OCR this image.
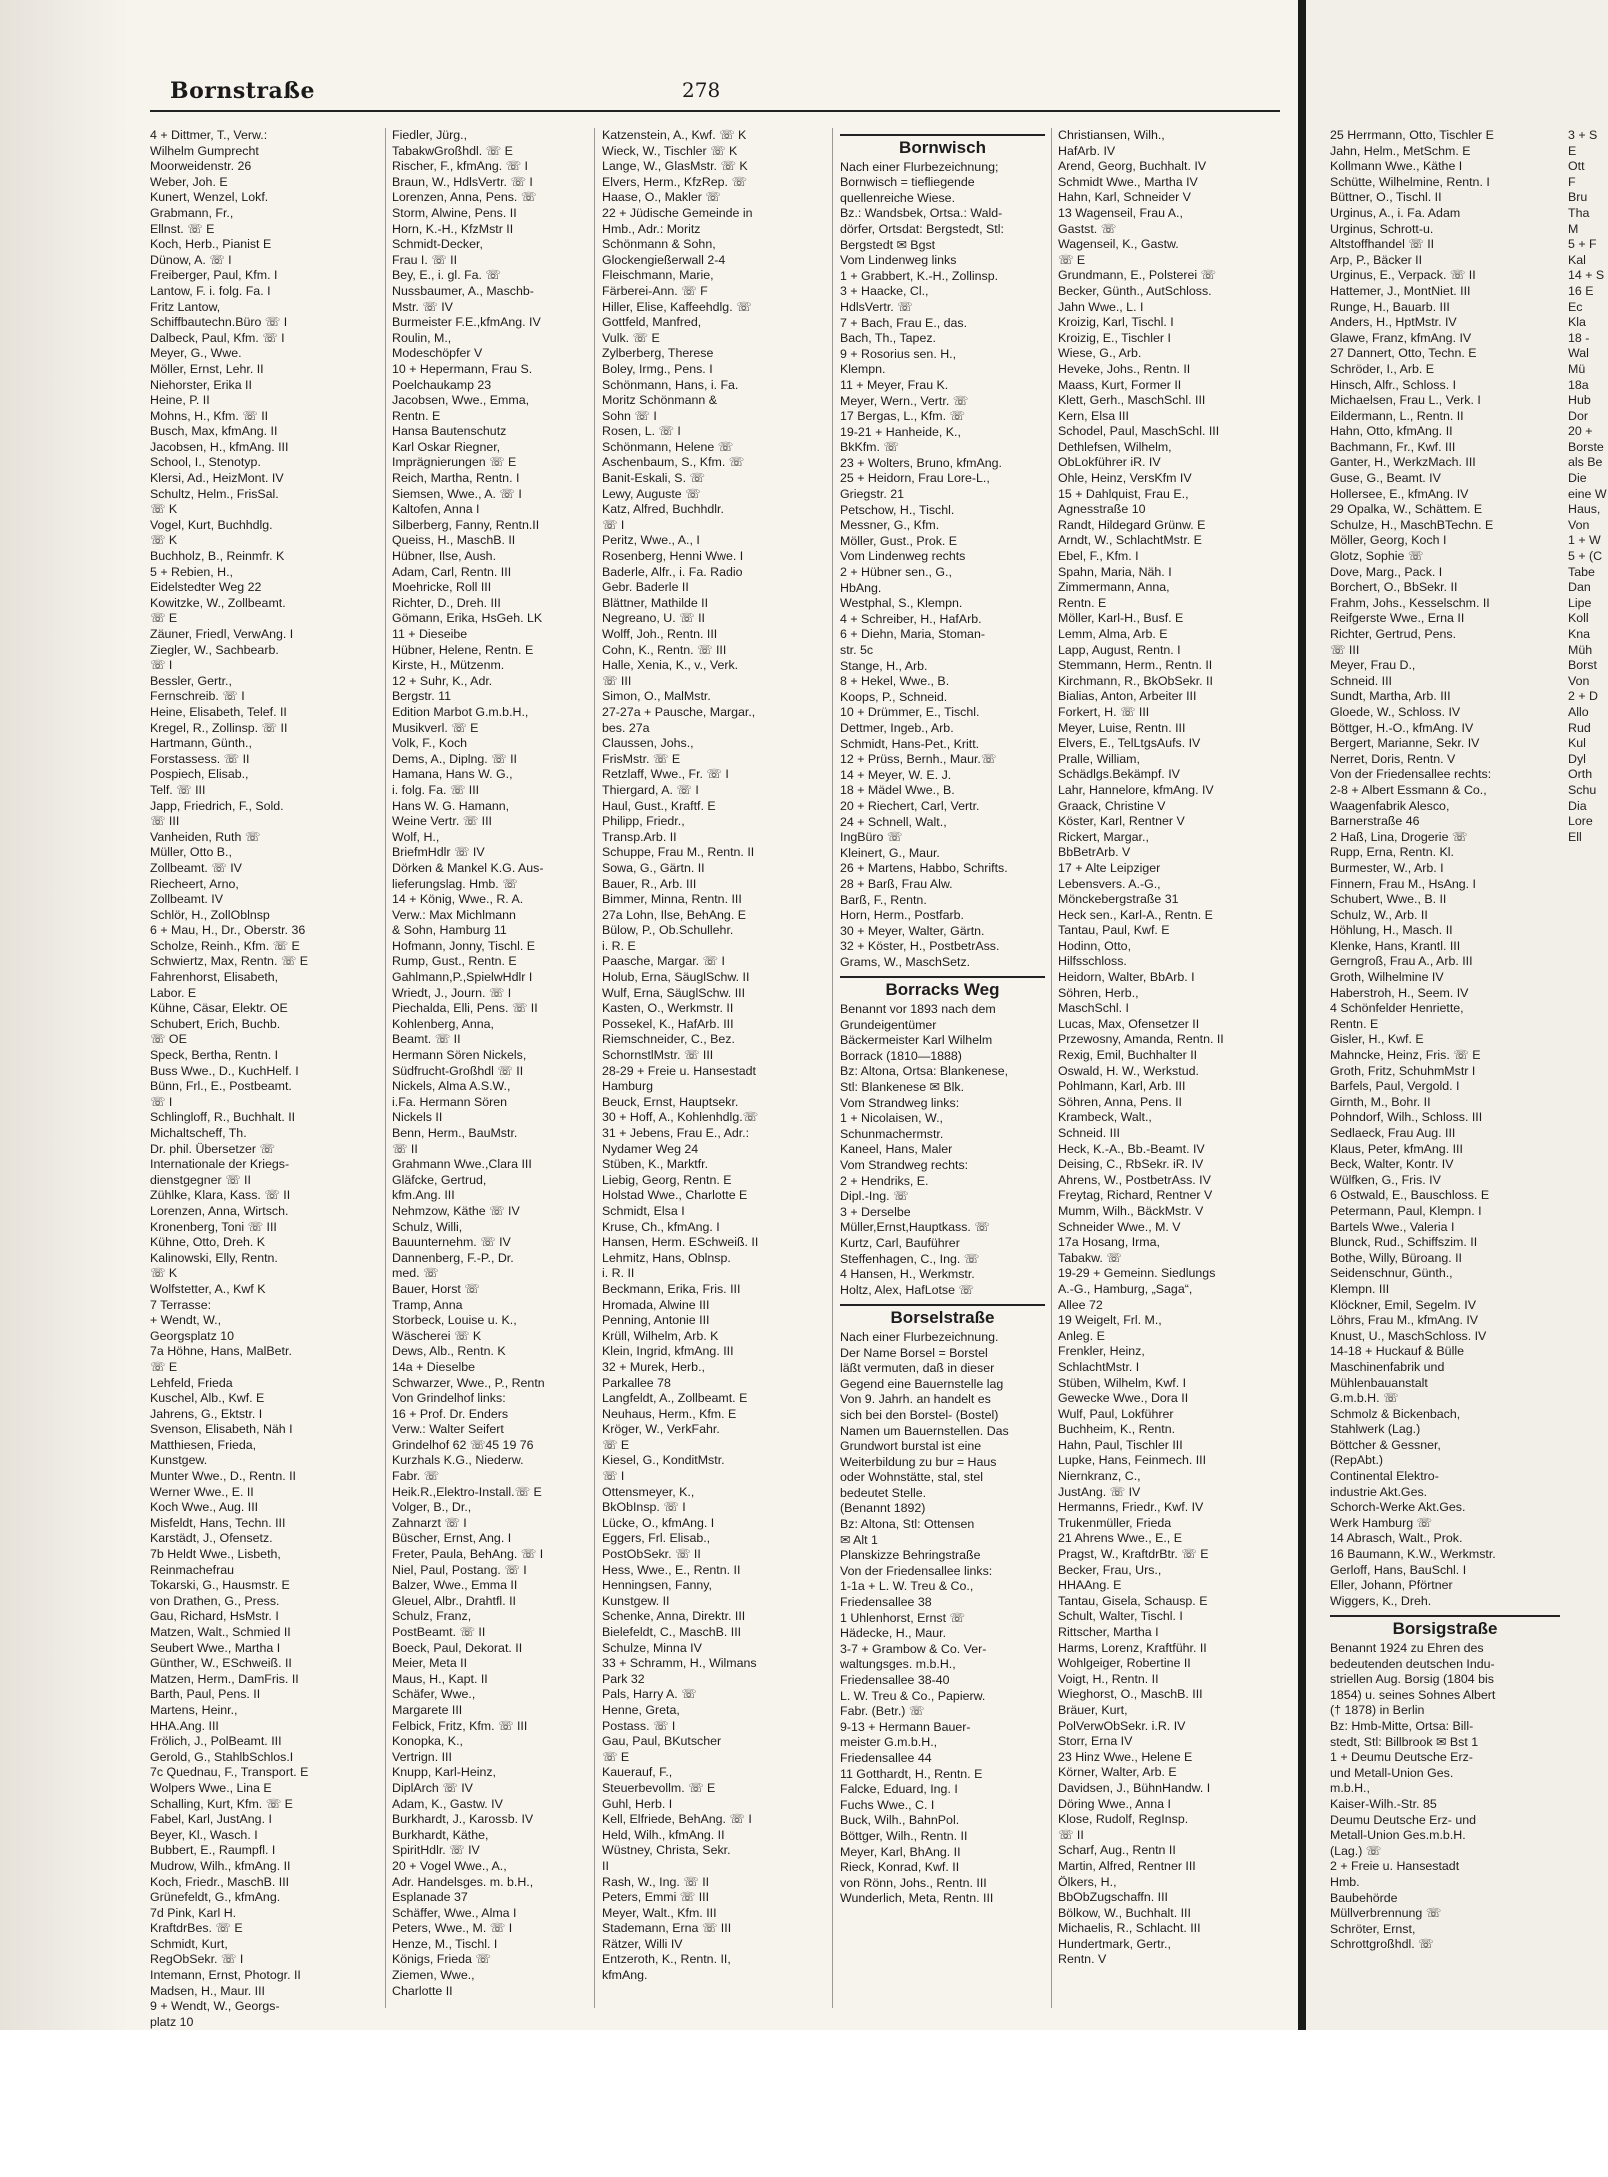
Bornstraße	278
4 + Dittmer, T., Verw.:
Wilhelm Gumprecht
Moorweidenstr. 26
Weber, Joh. E
Kunert, Wenzel, Lokf.
Grabmann, Fr.,
Ellnst. ☏ E
Koch, Herb., Pianist E
Dünow, A. ☏ I
Freiberger, Paul, Kfm. I
Lantow, F. i. folg. Fa. I
Fritz Lantow,
Schiffbautechn.Büro ☏ I
Dalbeck, Paul, Kfm. ☏ I
Meyer, G., Wwe.
Möller, Ernst, Lehr. II
Niehorster, Erika II
Heine, P. II
Mohns, H., Kfm. ☏ II
Busch, Max, kfmAng. II
Jacobsen, H., kfmAng. III
School, I., Stenotyp.
Klersi, Ad., HeizMont. IV
Schultz, Helm., FrisSal.
☏ K
Vogel, Kurt, Buchhdlg.
☏ K
Buchholz, B., Reinmfr. K
5 + Rebien, H.,
Eidelstedter Weg 22
Kowitzke, W., Zollbeamt.
☏ E
Zäuner, Friedl, VerwAng. I
Ziegler, W., Sachbearb.
☏ I
Bessler, Gertr.,
Fernschreib. ☏ I
Heine, Elisabeth, Telef. II
Kregel, R., Zollinsp. ☏ II
Hartmann, Günth.,
Forstassess. ☏ II
Pospiech, Elisab.,
Telf. ☏ III
Japp, Friedrich, F., Sold.
☏ III
Vanheiden, Ruth ☏
Müller, Otto B.,
Zollbeamt. ☏ IV
Riecheert, Arno,
Zollbeamt. IV
Schlör, H., ZollOblnsp
6 + Mau, H., Dr., Oberstr. 36
Scholze, Reinh., Kfm. ☏ E
Schwiertz, Max, Rentn. ☏ E
Fahrenhorst, Elisabeth,
Labor. E
Kühne, Cäsar, Elektr. OE
Schubert, Erich, Buchb.
☏ OE
Speck, Bertha, Rentn. I
Buss Wwe., D., KuchHelf. I
Bünn, Frl., E., Postbeamt.
☏ I
Schlingloff, R., Buchhalt. II
Michaltscheff, Th.
Dr. phil. Übersetzer ☏
Internationale der Kriegs-
dienstgegner ☏ II
Zühlke, Klara, Kass. ☏ II
Lorenzen, Anna, Wirtsch.
Kronenberg, Toni ☏ III
Kühne, Otto, Dreh. K
Kalinowski, Elly, Rentn.
☏ K
Wolfstetter, A., Kwf K
7 Terrasse:
+ Wendt, W.,
Georgsplatz 10
7a Höhne, Hans, MalBetr.
☏ E
Lehfeld, Frieda
Kuschel, Alb., Kwf. E
Jahrens, G., Ektstr. I
Svenson, Elisabeth, Näh I
Matthiesen, Frieda,
Kunstgew.
Munter Wwe., D., Rentn. II
Werner Wwe., E. II
Koch Wwe., Aug. III
Misfeldt, Hans, Techn. III
Karstädt, J., Ofensetz.
7b Heldt Wwe., Lisbeth,
Reinmachefrau
Tokarski, G., Hausmstr. E
von Drathen, G., Press.
Gau, Richard, HsMstr. I
Matzen, Walt., Schmied II
Seubert Wwe., Martha I
Günther, W., ESchweiß. II
Matzen, Herm., DamFris. II
Barth, Paul, Pens. II
Martens, Heinr.,
HHA.Ang. III
Frölich, J., PolBeamt. III
Gerold, G., StahlbSchlos.I
7c Quednau, F., Transport. E
Wolpers Wwe., Lina E
Schalling, Kurt, Kfm. ☏ E
Fabel, Karl, JustAng. I
Beyer, Kl., Wasch. I
Bubbert, E., Raumpfl. I
Mudrow, Wilh., kfmAng. II
Koch, Friedr., MaschB. III
Grünefeldt, G., kfmAng.
7d Pink, Karl H.
KraftdrBes. ☏ E
Schmidt, Kurt,
RegObSekr. ☏ I
Intemann, Ernst, Photogr. II
Madsen, H., Maur. III
9 + Wendt, W., Georgs-
platz 10
Fiedler, Jürg.,
TabakwGroßhdl. ☏ E
Rischer, F., kfmAng. ☏ I
Braun, W., HdlsVertr. ☏ I
Lorenzen, Anna, Pens. ☏
Storm, Alwine, Pens. II
Horn, K.-H., KfzMstr II
Schmidt-Decker,
Frau I. ☏ II
Bey, E., i. gl. Fa. ☏
Nussbaumer, A., Maschb-
Mstr. ☏ IV
Burmeister F.E.,kfmAng. IV
Roulin, M.,
Modeschöpfer V
10 + Hepermann, Frau S.
Poelchaukamp 23
Jacobsen, Wwe., Emma,
Rentn. E
Hansa Bautenschutz
Karl Oskar Riegner,
Imprägnierungen ☏ E
Reich, Martha, Rentn. I
Siemsen, Wwe., A. ☏ I
Kaltofen, Anna I
Silberberg, Fanny, Rentn.II
Queiss, H., MaschB. II
Hübner, Ilse, Aush.
Adam, Carl, Rentn. III
Moehricke, Roll III
Richter, D., Dreh. III
Gömann, Erika, HsGeh. LK
11 + Dieseibe
Hübner, Helene, Rentn. E
Kirste, H., Mützenm.
12 + Suhr, K., Adr.
Bergstr. 11
Edition Marbot G.m.b.H.,
Musikverl. ☏ E
Volk, F., Koch
Dems, A., Diplng. ☏ II
Hamana, Hans W. G.,
i. folg. Fa. ☏ III
Hans W. G. Hamann,
Weine Vertr. ☏ III
Wolf, H.,
BriefmHdlr ☏ IV
Dörken & Mankel K.G. Aus-
lieferungslag. Hmb. ☏
14 + König, Wwe., R. A.
Verw.: Max Michlmann
& Sohn, Hamburg 11
Hofmann, Jonny, Tischl. E
Rump, Gust., Rentn. E
Gahlmann,P.,SpielwHdlr I
Wriedt, J., Journ. ☏ I
Piechalda, Elli, Pens. ☏ II
Kohlenberg, Anna,
Beamt. ☏ II
Hermann Sören Nickels,
Südfrucht-Großhdl ☏ II
Nickels, Alma A.S.W.,
i.Fa. Hermann Sören
Nickels II
Benn, Herm., BauMstr.
☏ II
Grahmann Wwe.,Clara III
Gläfcke, Gertrud,
kfm.Ang. III
Nehmzow, Käthe ☏ IV
Schulz, Willi,
Bauunternehm. ☏ IV
Dannenberg, F.-P., Dr.
med. ☏
Bauer, Horst ☏
Tramp, Anna
Storbeck, Louise u. K.,
Wäscherei ☏ K
Dews, Alb., Rentn. K
14a + Dieselbe
Schwarzer, Wwe., P., Rentn
Von Grindelhof links:
16 + Prof. Dr. Enders
Verw.: Walter Seifert
Grindelhof 62 ☏45 19 76
Kurzhals K.G., Niederw.
Fabr. ☏
Heik.R.,Elektro-Install.☏ E
Volger, B., Dr.,
Zahnarzt ☏ I
Büscher, Ernst, Ang. I
Freter, Paula, BehAng. ☏ I
Niel, Paul, Postang. ☏ I
Balzer, Wwe., Emma II
Gleuel, Albr., Drahtfl. II
Schulz, Franz,
PostBeamt. ☏ II
Boeck, Paul, Dekorat. II
Meier, Meta II
Maus, H., Kapt. II
Schäfer, Wwe.,
Margarete III
Felbick, Fritz, Kfm. ☏ III
Konopka, K.,
Vertrign. III
Knupp, Karl-Heinz,
DiplArch ☏ IV
Adam, K., Gastw. IV
Burkhardt, J., Karossb. IV
Burkhardt, Käthe,
SpiritHdlr. ☏ IV
20 + Vogel Wwe., A.,
Adr. Handelsges. m. b.H.,
Esplanade 37
Schäffer, Wwe., Alma I
Peters, Wwe., M. ☏ I
Henze, M., Tischl. I
Königs, Frieda ☏
Ziemen, Wwe.,
Charlotte II
Katzenstein, A., Kwf. ☏ K
Wieck, W., Tischler ☏ K
Lange, W., GlasMstr. ☏ K
Elvers, Herm., KfzRep. ☏
Haase, O., Makler ☏
22 + Jüdische Gemeinde in
Hmb., Adr.: Moritz
Schönmann & Sohn,
Glockengießerwall 2-4
Fleischmann, Marie,
Färberei-Ann. ☏ F
Hiller, Elise, Kaffeehdlg. ☏
Gottfeld, Manfred,
Vulk. ☏ E
Zylberberg, Therese
Boley, Irmg., Pens. I
Schönmann, Hans, i. Fa.
Moritz Schönmann &
Sohn ☏ I
Rosen, L. ☏ I
Schönmann, Helene ☏
Aschenbaum, S., Kfm. ☏
Banit-Eskali, S. ☏
Lewy, Auguste ☏
Katz, Alfred, Buchhdlr.
☏ I
Peritz, Wwe., A., I
Rosenberg, Henni Wwe. I
Baderle, Alfr., i. Fa. Radio
Gebr. Baderle II
Blättner, Mathilde II
Negreano, U. ☏ II
Wolff, Joh., Rentn. III
Cohn, K., Rentn. ☏ III
Halle, Xenia, K., v., Verk.
☏ III
Simon, O., MalMstr.
27-27a + Pausche, Margar.,
bes. 27a
Claussen, Johs.,
FrisMstr. ☏ E
Retzlaff, Wwe., Fr. ☏ I
Thiergard, A. ☏ I
Haul, Gust., Kraftf. E
Philipp, Friedr.,
Transp.Arb. II
Schuppe, Frau M., Rentn. II
Sowa, G., Gärtn. II
Bauer, R., Arb. III
Bimmer, Minna, Rentn. III
27a Lohn, Ilse, BehAng. E
Bülow, P., Ob.Schullehr.
i. R. E
Paasche, Margar. ☏ I
Holub, Erna, SäuglSchw. II
Wulf, Erna, SäuglSchw. III
Kasten, O., Werkmstr. II
Possekel, K., HafArb. III
Riemschneider, C., Bez.
SchornstlMstr. ☏ III
28-29 + Freie u. Hansestadt
Hamburg
Beuck, Ernst, Hauptsekr.
30 + Hoff, A., Kohlenhdlg.☏
31 + Jebens, Frau E., Adr.:
Nydamer Weg 24
Stüben, K., Marktfr.
Liebig, Georg, Rentn. E
Holstad Wwe., Charlotte E
Schmidt, Elsa I
Kruse, Ch., kfmAng. I
Hansen, Herm. ESchweiß. II
Lehmitz, Hans, Oblnsp.
i. R. II
Beckmann, Erika, Fris. III
Hromada, Alwine III
Penning, Antonie III
Krüll, Wilhelm, Arb. K
Klein, Ingrid, kfmAng. III
32 + Murek, Herb.,
Parkallee 78
Langfeldt, A., Zollbeamt. E
Neuhaus, Herm., Kfm. E
Kröger, W., VerkFahr.
☏ E
Kiesel, G., KonditMstr.
☏ I
Ottensmeyer, K.,
BkObInsp. ☏ I
Lücke, O., kfmAng. I
Eggers, Frl. Elisab.,
PostObSekr. ☏ II
Hess, Wwe., E., Rentn. II
Henningsen, Fanny,
Kunstgew. II
Schenke, Anna, Direktr. III
Bielefeldt, C., MaschB. III
Schulze, Minna IV
33 + Schramm, H., Wilmans
Park 32
Pals, Harry A. ☏
Henne, Greta,
Postass. ☏ I
Gau, Paul, BKutscher
☏ E
Kauerauf, F.,
Steuerbevollm. ☏ E
Guhl, Herb. I
Kell, Elfriede, BehAng. ☏ I
Held, Wilh., kfmAng. II
Wüstney, Christa, Sekr.
II
Rash, W., Ing. ☏ II
Peters, Emmi ☏ III
Meyer, Walt., Kfm. III
Stademann, Erna ☏ III
Rätzer, Willi IV
Entzeroth, K., Rentn. II,
kfmAng.
Bornwisch
Nach einer Flurbezeichnung;
Bornwisch = tiefliegende
quellenreiche Wiese.
Bz.: Wandsbek, Ortsa.: Wald-
dörfer, Ortsdat: Bergstedt, Stl:
Bergstedt ✉ Bgst
Vom Lindenweg links
1 + Grabbert, K.-H., Zollinsp.
3 + Haacke, Cl.,
HdlsVertr. ☏
7 + Bach, Frau E., das.
Bach, Th., Tapez.
9 + Rosorius sen. H.,
Klempn.
11 + Meyer, Frau K.
Meyer, Wern., Vertr. ☏
17 Bergas, L., Kfm. ☏
19-21 + Hanheide, K.,
BkKfm. ☏
23 + Wolters, Bruno, kfmAng.
25 + Heidorn, Frau Lore-L.,
Griegstr. 21
Petschow, H., Tischl.
Messner, G., Kfm.
Möller, Gust., Prok. E
Vom Lindenweg rechts
2 + Hübner sen., G.,
HbAng.
Westphal, S., Klempn.
4 + Schreiber, H., HafArb.
6 + Diehn, Maria, Stoman-
str. 5c
Stange, H., Arb.
8 + Hekel, Wwe., B.
Koops, P., Schneid.
10 + Drümmer, E., Tischl.
Dettmer, Ingeb., Arb.
Schmidt, Hans-Pet., Kritt.
12 + Prüss, Bernh., Maur.☏
14 + Meyer, W. E. J.
18 + Mädel Wwe., B.
20 + Riechert, Carl, Vertr.
24 + Schnell, Walt.,
IngBüro ☏
Kleinert, G., Maur.
26 + Martens, Habbo, Schrifts.
28 + Barß, Frau Alw.
Barß, F., Rentn.
Horn, Herm., Postfarb.
30 + Meyer, Walter, Gärtn.
32 + Köster, H., PostbetrAss.
Grams, W., MaschSetz.
Borracks Weg
Benannt vor 1893 nach dem
Grundeigentümer
Bäckermeister Karl Wilhelm
Borrack (1810—1888)
Bz: Altona, Ortsa: Blankenese,
Stl: Blankenese ✉ Blk.
Vom Strandweg links:
1 + Nicolaisen, W.,
Schunmachermstr.
Kaneel, Hans, Maler
Vom Strandweg rechts:
2 + Hendriks, E.
Dipl.-Ing. ☏
3 + Derselbe
Müller,Ernst,Hauptkass. ☏
Kurtz, Carl, Bauführer
Steffenhagen, C., Ing. ☏
4 Hansen, H., Werkmstr.
Holtz, Alex, HafLotse ☏
Borselstraße
Nach einer Flurbezeichnung.
Der Name Borsel = Borstel
läßt vermuten, daß in dieser
Gegend eine Bauernstelle lag
Von 9. Jahrh. an handelt es
sich bei den Borstel- (Bostel)
Namen um Bauernstellen. Das
Grundwort burstal ist eine
Weiterbildung zu bur = Haus
oder Wohnstätte, stal, stel
bedeutet Stelle.
(Benannt 1892)
Bz: Altona, Stl: Ottensen
✉ Alt 1
Planskizze Behringstraße
Von der Friedensallee links:
1-1a + L. W. Treu & Co.,
Friedensallee 38
1 Uhlenhorst, Ernst ☏
Hädecke, H., Maur.
3-7 + Grambow & Co. Ver-
waltungsges. m.b.H.,
Friedensallee 38-40
L. W. Treu & Co., Papierw.
Fabr. (Betr.) ☏
9-13 + Hermann Bauer-
meister G.m.b.H.,
Friedensallee 44
11 Gotthardt, H., Rentn. E
Falcke, Eduard, Ing. I
Fuchs Wwe., C. I
Buck, Wilh., BahnPol.
Böttger, Wilh., Rentn. II
Meyer, Karl, BhAng. II
Rieck, Konrad, Kwf. II
von Rönn, Johs., Rentn. III
Wunderlich, Meta, Rentn. III
Christiansen, Wilh.,
HafArb. IV
Arend, Georg, Buchhalt. IV
Schmidt Wwe., Martha IV
Hahn, Karl, Schneider V
13 Wagenseil, Frau A.,
Gastst. ☏
Wagenseil, K., Gastw.
☏ E
Grundmann, E., Polsterei ☏
Becker, Günth., AutSchloss.
Jahn Wwe., L. I
Kroizig, Karl, Tischl. I
Kroizig, E., Tischler I
Wiese, G., Arb.
Heveke, Johs., Rentn. II
Maass, Kurt, Former II
Klett, Gerh., MaschSchl. III
Kern, Elsa III
Schodel, Paul, MaschSchl. III
Dethlefsen, Wilhelm,
ObLokführer iR. IV
Ohle, Heinz, VersKfm IV
15 + Dahlquist, Frau E.,
Agnesstraße 10
Randt, Hildegard Grünw. E
Arndt, W., SchlachtMstr. E
Ebel, F., Kfm. I
Spahn, Maria, Näh. I
Zimmermann, Anna,
Rentn. E
Möller, Karl-H., Busf. E
Lemm, Alma, Arb. E
Lapp, August, Rentn. I
Stemmann, Herm., Rentn. II
Kirchmann, R., BkObSekr. II
Bialias, Anton, Arbeiter III
Forkert, H. ☏ III
Meyer, Luise, Rentn. III
Elvers, E., TelLtgsAufs. IV
Pralle, William,
Schädlgs.Bekämpf. IV
Lahr, Hannelore, kfmAng. IV
Graack, Christine V
Köster, Karl, Rentner V
Rickert, Margar.,
BbBetrArb. V
17 + Alte Leipziger
Lebensvers. A.-G.,
Mönckebergstraße 31
Heck sen., Karl-A., Rentn. E
Tantau, Paul, Kwf. E
Hodinn, Otto,
Hilfsschloss.
Heidorn, Walter, BbArb. I
Söhren, Herb.,
MaschSchl. I
Lucas, Max, Ofensetzer II
Przewosny, Amanda, Rentn. II
Rexig, Emil, Buchhalter II
Oswald, H. W., Werkstud.
Pohlmann, Karl, Arb. III
Söhren, Anna, Pens. II
Krambeck, Walt.,
Schneid. III
Heck, K.-A., Bb.-Beamt. IV
Deising, C., RbSekr. iR. IV
Ahrens, W., PostbetrAss. IV
Freytag, Richard, Rentner V
Mumm, Wilh., BäckMstr. V
Schneider Wwe., M. V
17a Hosang, Irma,
Tabakw. ☏
19-29 + Gemeinn. Siedlungs
A.-G., Hamburg, „Saga“,
Allee 72
19 Weigelt, Frl. M.,
Anleg. E
Frenkler, Heinz,
SchlachtMstr. I
Stüben, Wilhelm, Kwf. I
Gewecke Wwe., Dora II
Wulf, Paul, Lokführer
Buchheim, K., Rentn.
Hahn, Paul, Tischler III
Lupke, Hans, Feinmech. III
Niernkranz, C.,
JustAng. ☏ IV
Hermanns, Friedr., Kwf. IV
Trukenmüller, Frieda
21 Ahrens Wwe., E., E
Pragst, W., KraftdrBtr. ☏ E
Becker, Frau, Urs.,
HHAAng. E
Tantau, Gisela, Schausp. E
Schult, Walter, Tischl. I
Rittscher, Martha I
Harms, Lorenz, Kraftführ. II
Wohlgeiger, Robertine II
Voigt, H., Rentn. II
Wieghorst, O., MaschB. III
Bräuer, Kurt,
PolVerwObSekr. i.R. IV
Storr, Erna IV
23 Hinz Wwe., Helene E
Körner, Walter, Arb. E
Davidsen, J., BühnHandw. I
Döring Wwe., Anna I
Klose, Rudolf, RegInsp.
☏ II
Scharf, Aug., Rentn II
Martin, Alfred, Rentner III
Ölkers, H.,
BbObZugschaffn. III
Bölkow, W., Buchhalt. III
Michaelis, R., Schlacht. III
Hundertmark, Gertr.,
Rentn. V
25 Herrmann, Otto, Tischler E
Jahn, Helm., MetSchm. E
Kollmann Wwe., Käthe I
Schütte, Wilhelmine, Rentn. I
Büttner, O., Tischl. II
Urginus, A., i. Fa. Adam
Urginus, Schrott-u.
Altstoffhandel ☏ II
Arp, P., Bäcker II
Urginus, E., Verpack. ☏ II
Hattemer, J., MontNiet. III
Runge, H., Bauarb. III
Anders, H., HptMstr. IV
Glawe, Franz, kfmAng. IV
27 Dannert, Otto, Techn. E
Schröder, I., Arb. E
Hinsch, Alfr., Schloss. I
Michaelsen, Frau L., Verk. I
Eildermann, L., Rentn. II
Hahn, Otto, kfmAng. II
Bachmann, Fr., Kwf. III
Ganter, H., WerkzMach. III
Guse, G., Beamt. IV
Hollersee, E., kfmAng. IV
29 Opalka, W., Schättem. E
Schulze, H., MaschBTechn. E
Möller, Georg, Koch I
Glotz, Sophie ☏
Dove, Marg., Pack. I
Borchert, O., BbSekr. II
Frahm, Johs., Kesselschm. II
Reifgerste Wwe., Erna II
Richter, Gertrud, Pens.
☏ III
Meyer, Frau D.,
Schneid. III
Sundt, Martha, Arb. III
Gloede, W., Schloss. IV
Böttger, H.-O., kfmAng. IV
Bergert, Marianne, Sekr. IV
Nerret, Doris, Rentn. V
Von der Friedensallee rechts:
2-8 + Albert Essmann & Co.,
Waagenfabrik Alesco,
Barnerstraße 46
2 Haß, Lina, Drogerie ☏
Rupp, Erna, Rentn. Kl.
Burmester, W., Arb. I
Finnern, Frau M., HsAng. I
Schubert, Wwe., B. II
Schulz, W., Arb. II
Höhlung, H., Masch. II
Klenke, Hans, Krantl. III
Gerngroß, Frau A., Arb. III
Groth, Wilhelmine IV
Haberstroh, H., Seem. IV
4 Schönfelder Henriette,
Rentn. E
Gisler, H., Kwf. E
Mahncke, Heinz, Fris. ☏ E
Groth, Fritz, SchuhmMstr I
Barfels, Paul, Vergold. I
Girnth, M., Bohr. II
Pohndorf, Wilh., Schloss. III
Sedlaeck, Frau Aug. III
Klaus, Peter, kfmAng. III
Beck, Walter, Kontr. IV
Wülfken, G., Fris. IV
6 Ostwald, E., Bauschloss. E
Petermann, Paul, Klempn. I
Bartels Wwe., Valeria I
Blunck, Rud., Schiffszim. II
Bothe, Willy, Büroang. II
Seidenschnur, Günth.,
Klempn. III
Klöckner, Emil, Segelm. IV
Löhrs, Frau M., kfmAng. IV
Knust, U., MaschSchloss. IV
14-18 + Huckauf & Bülle
Maschinenfabrik und
Mühlenbauanstalt
G.m.b.H. ☏
Schmolz & Bickenbach,
Stahlwerk (Lag.)
Böttcher & Gessner,
(RepAbt.)
Continental Elektro-
industrie Akt.Ges.
Schorch-Werke Akt.Ges.
Werk Hamburg ☏
14 Abrasch, Walt., Prok.
16 Baumann, K.W., Werkmstr.
Gerloff, Hans, BauSchl. I
Eller, Johann, Pförtner
Wiggers, K., Dreh.
Borsigstraße
Benannt 1924 zu Ehren des
bedeutenden deutschen Indu-
striellen Aug. Borsig (1804 bis
1854) u. seines Sohnes Albert
(† 1878) in Berlin
Bz: Hmb-Mitte, Ortsa: Bill-
stedt, Stl: Billbrook ✉ Bst 1
1 + Deumu Deutsche Erz-
und Metall-Union Ges.
m.b.H.,
Kaiser-Wilh.-Str. 85
Deumu Deutsche Erz- und
Metall-Union Ges.m.b.H.
(Lag.) ☏
2 + Freie u. Hansestadt
Hmb.
Baubehörde
Müllverbrennung ☏
Schröter, Ernst,
Schrottgroßhdl. ☏
3 + S
E
Ott
F
Bru
Tha
M
5 + F
Kal
14 + S
16 E
Ec
Kla
18 -
Wal
Mü
18a
Hub
Dor
20 +
Borste
als Be
Die
eine W
Haus,
Von
1 + W
5 + (C
Tabe
Dan
Lipe
Koll
Kna
Müh
Borst
Von
2 + D
Allo
Rud
Kul
Dyl
Orth
Schu
Dia
Lore
Ell
